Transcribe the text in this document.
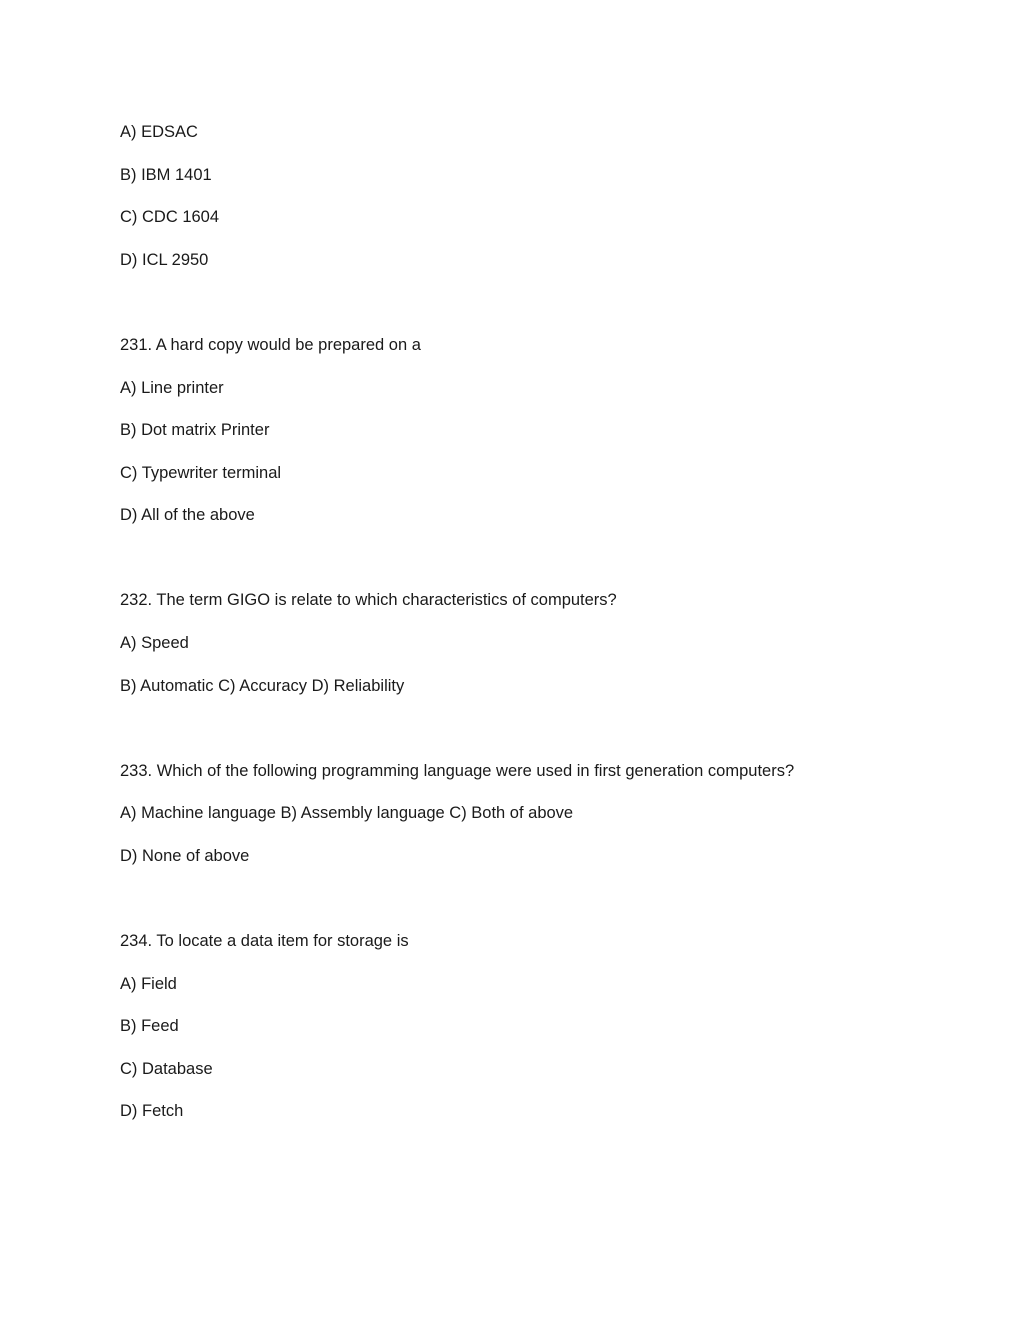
A) EDSAC

B) IBM 1401

C) CDC 1604

D) ICL 2950

231. A hard copy would be prepared on a

A) Line printer

B) Dot matrix Printer

C) Typewriter terminal

D) All of the above

232. The term GIGO is relate to which characteristics of computers?

A) Speed

B) Automatic C) Accuracy D) Reliability

233. Which of the following programming language were used in first generation computers?

A) Machine language B) Assembly language C) Both of above

D) None of above

234. To locate a data item for storage is

A) Field

B) Feed

C) Database

D) Fetch
